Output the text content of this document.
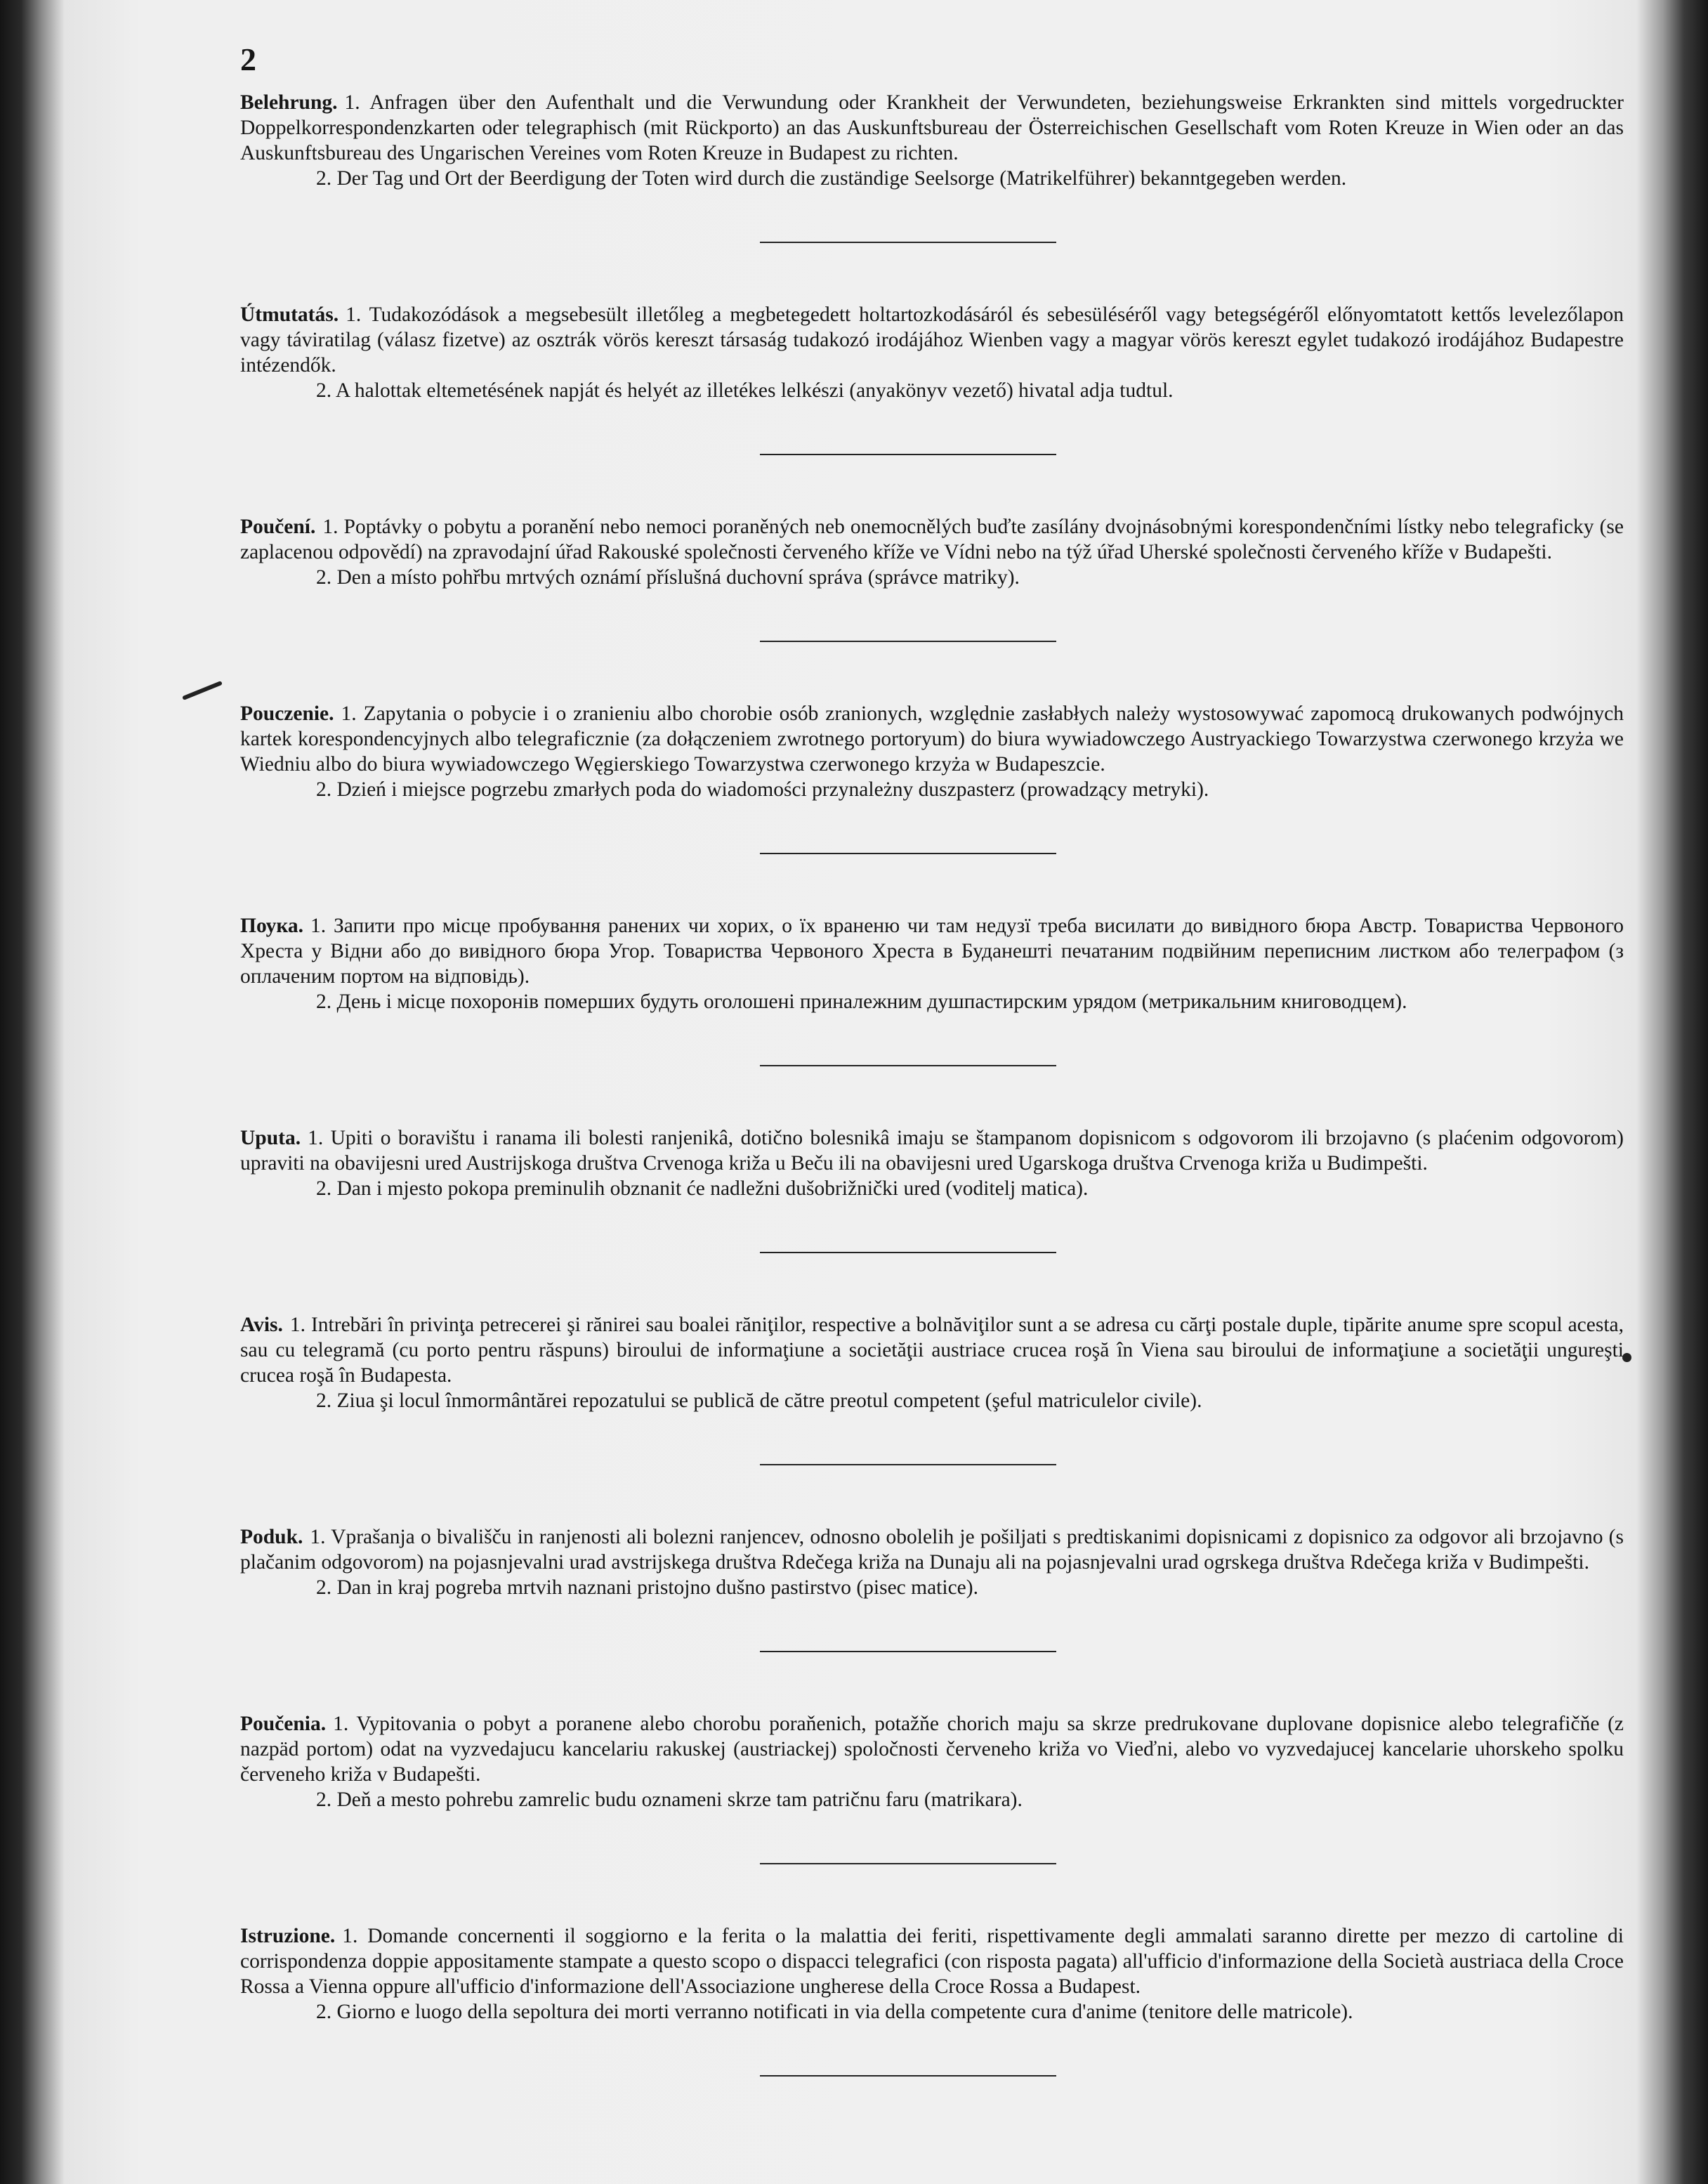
2

Belehrung. 1. Anfragen über den Aufenthalt und die Verwundung oder Krankheit der Verwundeten, beziehungsweise Erkrankten sind mittels vorgedruckter Doppelkorrespondenzkarten oder telegraphisch (mit Rückporto) an das Auskunftsbureau der Österreichischen Gesellschaft vom Roten Kreuze in Wien oder an das Auskunftsbureau des Ungarischen Vereines vom Roten Kreuze in Budapest zu richten.

2. Der Tag und Ort der Beerdigung der Toten wird durch die zuständige Seelsorge (Matrikelführer) bekanntgegeben werden.

Útmutatás. 1. Tudakozódások a megsebesült illetőleg a megbetegedett holtartozkodásáról és sebesüléséről vagy betegségéről előnyomtatott kettős levelezőlapon vagy táviratilag (válasz fizetve) az osztrák vörös kereszt társaság tudakozó irodájához Wienben vagy a magyar vörös kereszt egylet tudakozó irodájához Budapestre intézendők.

2. A halottak eltemetésének napját és helyét az illetékes lelkészi (anyakönyv vezető) hivatal adja tudtul.

Poučení. 1. Poptávky o pobytu a poranění nebo nemoci poraněných neb onemocnělých buďte zasílány dvojnásobnými korespondenčními lístky nebo telegraficky (se zaplacenou odpovědí) na zpravodajní úřad Rakouské společnosti červeného kříže ve Vídni nebo na týž úřad Uherské společnosti červeného kříže v Budapešti.

2. Den a místo pohřbu mrtvých oznámí příslušná duchovní správa (správce matriky).

Pouczenie. 1. Zapytania o pobycie i o zranieniu albo chorobie osób zranionych, względnie zasłabłych należy wystosowywać zapomocą drukowanych podwójnych kartek korespondencyjnych albo telegraficznie (za dołączeniem zwrotnego portoryum) do biura wywiadowczego Austryackiego Towarzystwa czerwonego krzyża we Wiedniu albo do biura wywiadowczego Węgierskiego Towarzystwa czerwonego krzyża w Budapeszcie.

2. Dzień i miejsce pogrzebu zmarłych poda do wiadomości przynależny duszpasterz (prowadzący metryki).

Поука. 1. Запити про місце пробування ранених чи хорих, о їх враненю чи там недузї треба висилати до вивідного бюра Австр. Товариства Червоного Хреста у Відни або до вивідного бюра Угор. Товариства Червоного Хреста в Буданешті печатаним подвійним переписним листком або телеграфом (з оплаченим портом на відповідь).

2. День і місце похоронів померших будуть оголошені приналежним душпастирским урядом (метрикальним книговодцем).

Uputa. 1. Upiti o boravištu i ranama ili bolesti ranjenikâ, dotično bolesnikâ imaju se štampanom dopisnicom s odgovorom ili brzojavno (s plaćenim odgovorom) upraviti na obavijesni ured Austrijskoga društva Crvenoga križa u Beču ili na obavijesni ured Ugarskoga društva Crvenoga križa u Budimpešti.

2. Dan i mjesto pokopa preminulih obznanit će nadležni dušobrižnički ured (voditelj matica).

Avis. 1. Intrebări în privinţa petrecerei şi rănirei sau boalei răniţilor, respective a bolnăviţilor sunt a se adresa cu cărţi postale duple, tipărite anume spre scopul acesta, sau cu telegramă (cu porto pentru răspuns) biroului de informaţiune a societăţii austriace crucea roşă în Viena sau biroului de informaţiune a societăţii ungureşti crucea roşă în Budapesta.

2. Ziua şi locul înmormântărei repozatului se publică de către preotul competent (şeful matriculelor civile).

Poduk. 1. Vprašanja o bivališču in ranjenosti ali bolezni ranjencev, odnosno obolelih je pošiljati s predtiskanimi dopisnicami z dopisnico za odgovor ali brzojavno (s plačanim odgovorom) na pojasnjevalni urad avstrijskega društva Rdečega križa na Dunaju ali na pojasnjevalni urad ogrskega društva Rdečega križa v Budimpešti.

2. Dan in kraj pogreba mrtvih naznani pristojno dušno pastirstvo (pisec matice).

Poučenia. 1. Vypitovania o pobyt a poranene alebo chorobu poraňenich, potažňe chorich maju sa skrze predrukovane duplovane dopisnice alebo telegrafičňe (z nazpäd portom) odat na vyzvedajucu kancelariu rakuskej (austriackej) spoločnosti červeneho križa vo Vieďni, alebo vo vyzvedajucej kancelarie uhorskeho spolku červeneho križa v Budapešti.

2. Deň a mesto pohrebu zamrelic budu oznameni skrze tam patričnu faru (matrikara).

Istruzione. 1. Domande concernenti il soggiorno e la ferita o la malattia dei feriti, rispettivamente degli ammalati saranno dirette per mezzo di cartoline di corrispondenza doppie appositamente stampate a questo scopo o dispacci telegrafici (con risposta pagata) all'ufficio d'informazione della Società austriaca della Croce Rossa a Vienna oppure all'ufficio d'informazione dell'Associazione ungherese della Croce Rossa a Budapest.

2. Giorno e luogo della sepoltura dei morti verranno notificati in via della competente cura d'anime (tenitore delle matricole).
